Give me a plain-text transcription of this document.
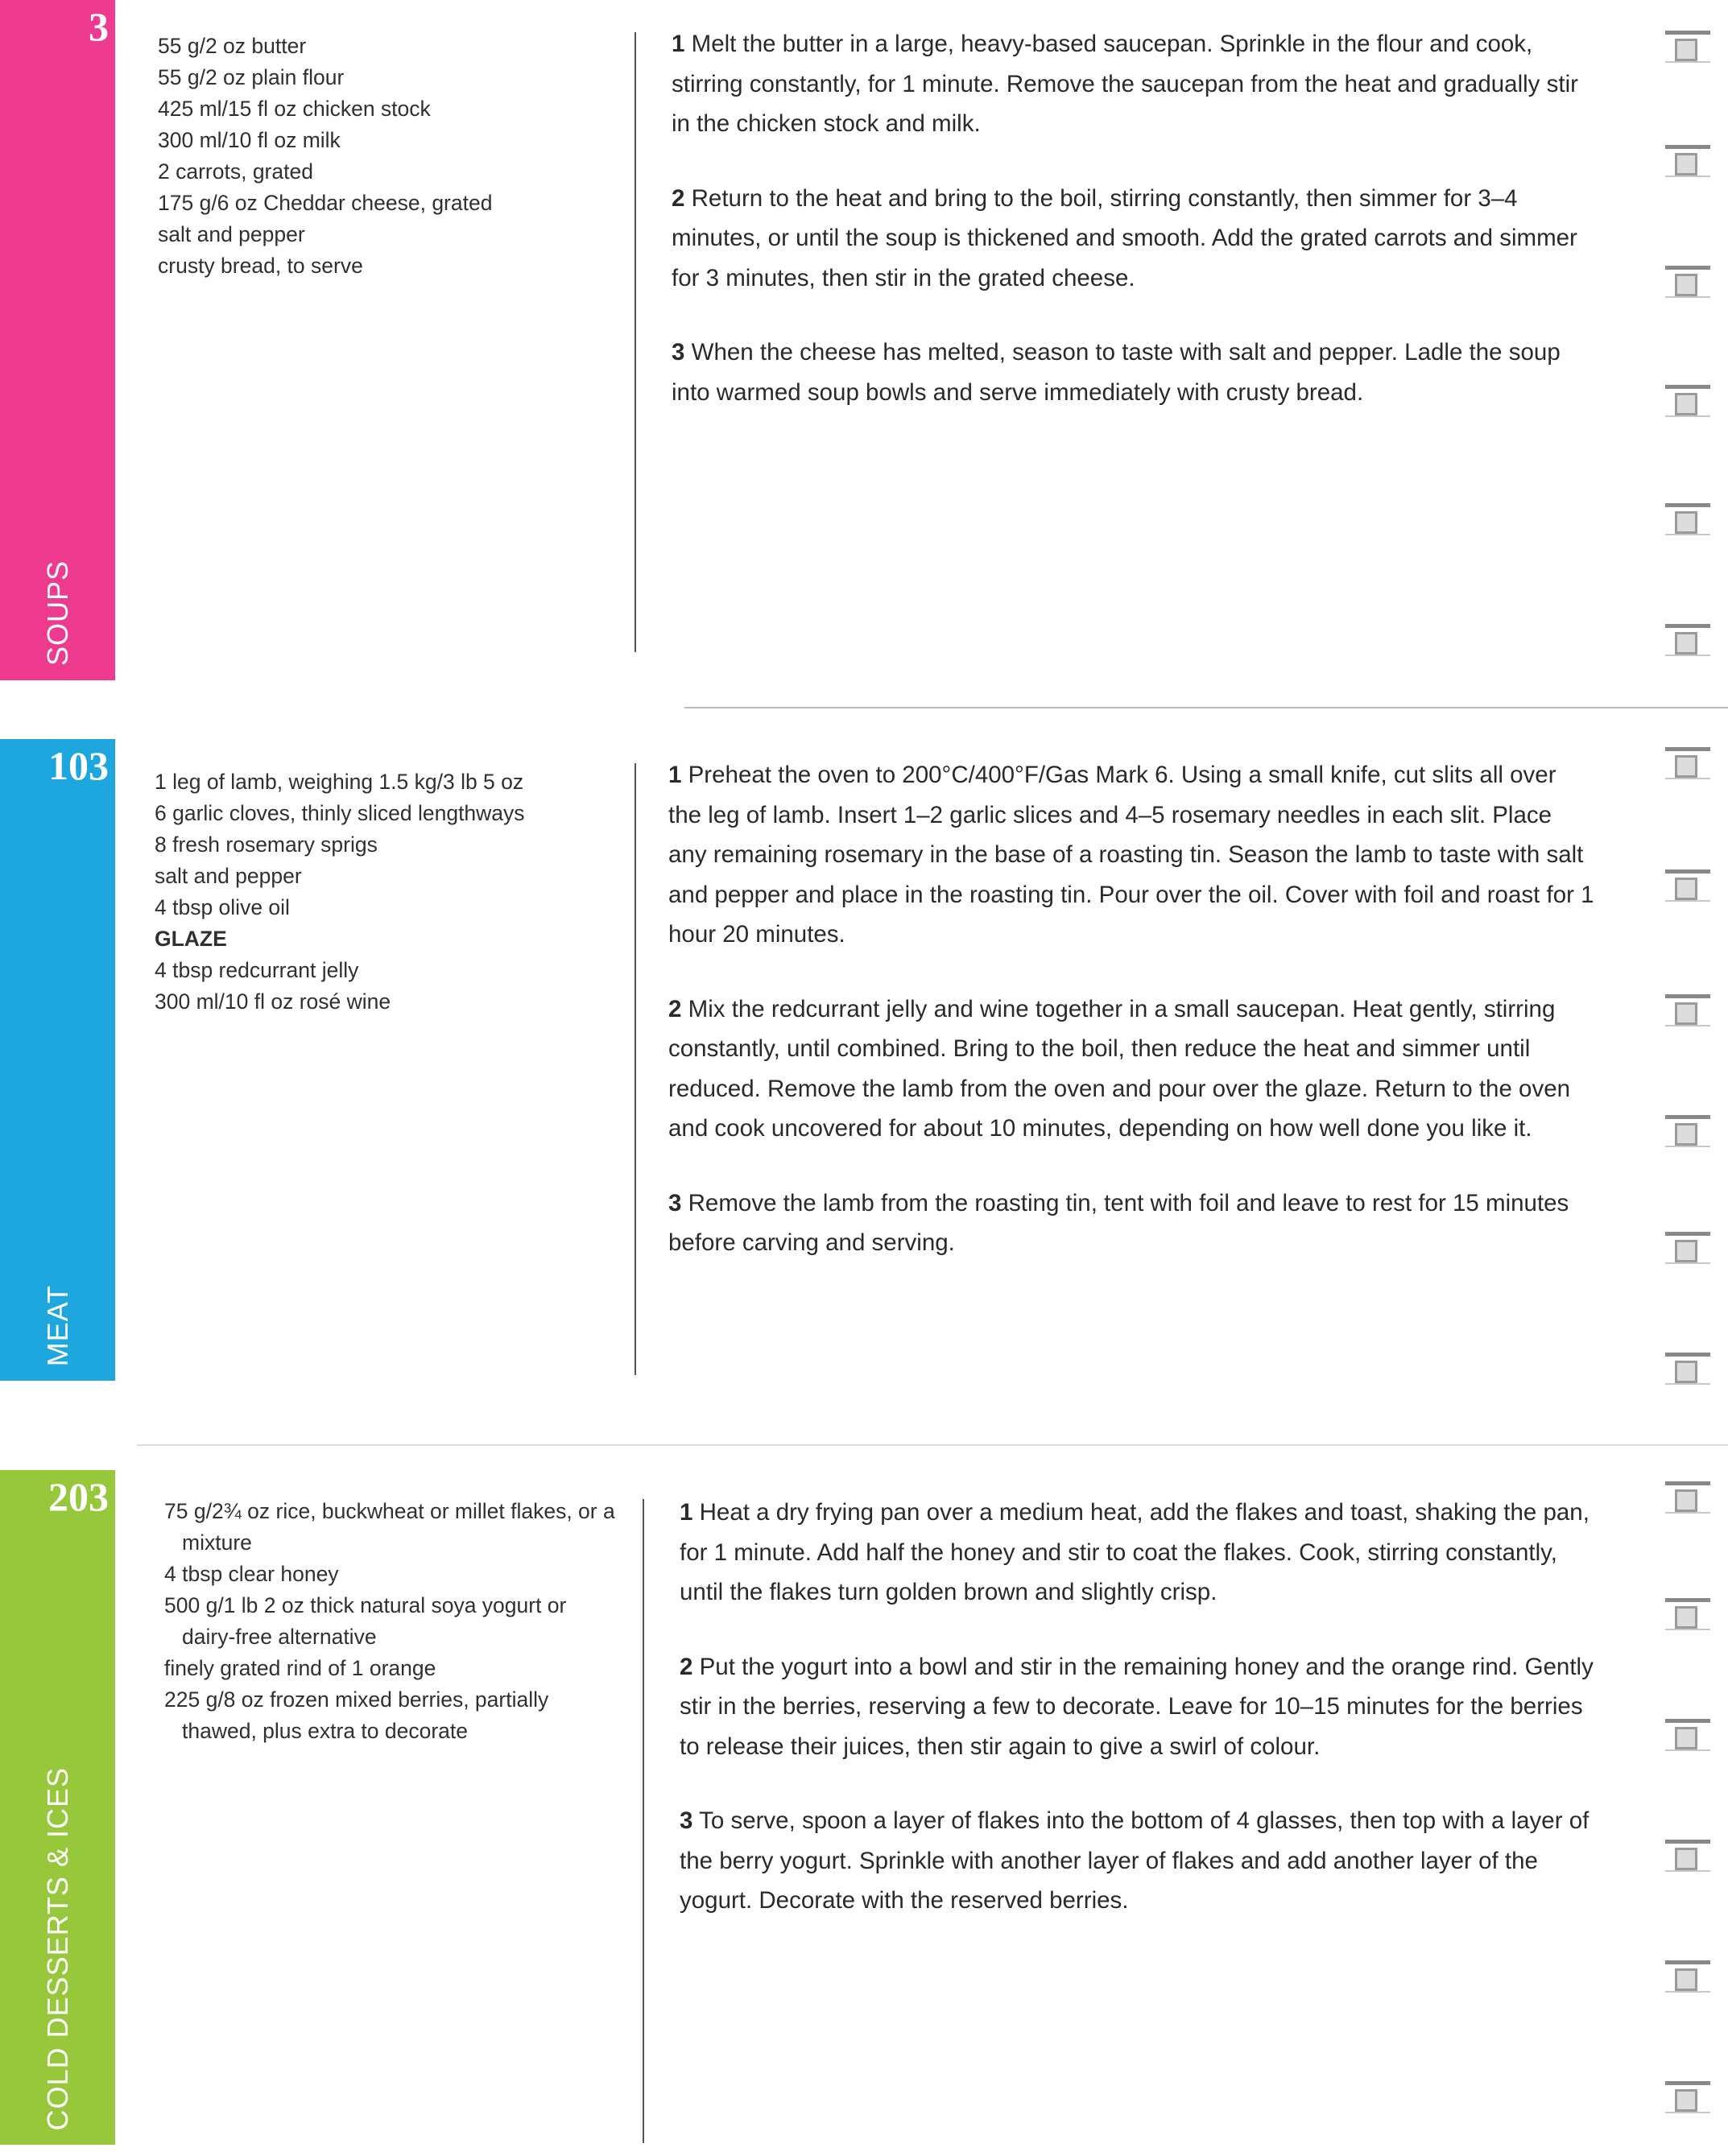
3
SOUPS
55 g/2 oz butter
55 g/2 oz plain flour
425 ml/15 fl oz chicken stock
300 ml/10 fl oz milk
2 carrots, grated
175 g/6 oz Cheddar cheese, grated
salt and pepper
crusty bread, to serve

1 Melt the butter in a large, heavy-based saucepan. Sprinkle in the flour and cook, stirring constantly, for 1 minute. Remove the saucepan from the heat and gradually stir in the chicken stock and milk.

2 Return to the heat and bring to the boil, stirring constantly, then simmer for 3–4 minutes, or until the soup is thickened and smooth. Add the grated carrots and simmer for 3 minutes, then stir in the grated cheese.

3 When the cheese has melted, season to taste with salt and pepper. Ladle the soup into warmed soup bowls and serve immediately with crusty bread.

103
MEAT
1 leg of lamb, weighing 1.5 kg/3 lb 5 oz
6 garlic cloves, thinly sliced lengthways
8 fresh rosemary sprigs
salt and pepper
4 tbsp olive oil
GLAZE
4 tbsp redcurrant jelly
300 ml/10 fl oz rosé wine

1 Preheat the oven to 200°C/400°F/Gas Mark 6. Using a small knife, cut slits all over the leg of lamb. Insert 1–2 garlic slices and 4–5 rosemary needles in each slit. Place any remaining rosemary in the base of a roasting tin. Season the lamb to taste with salt and pepper and place in the roasting tin. Pour over the oil. Cover with foil and roast for 1 hour 20 minutes.

2 Mix the redcurrant jelly and wine together in a small saucepan. Heat gently, stirring constantly, until combined. Bring to the boil, then reduce the heat and simmer until reduced. Remove the lamb from the oven and pour over the glaze. Return to the oven and cook uncovered for about 10 minutes, depending on how well done you like it.

3 Remove the lamb from the roasting tin, tent with foil and leave to rest for 15 minutes before carving and serving.

203
COLD DESSERTS & ICES
75 g/2¾ oz rice, buckwheat or millet flakes, or a mixture
4 tbsp clear honey
500 g/1 lb 2 oz thick natural soya yogurt or dairy-free alternative
finely grated rind of 1 orange
225 g/8 oz frozen mixed berries, partially thawed, plus extra to decorate

1 Heat a dry frying pan over a medium heat, add the flakes and toast, shaking the pan, for 1 minute. Add half the honey and stir to coat the flakes. Cook, stirring constantly, until the flakes turn golden brown and slightly crisp.

2 Put the yogurt into a bowl and stir in the remaining honey and the orange rind. Gently stir in the berries, reserving a few to decorate. Leave for 10–15 minutes for the berries to release their juices, then stir again to give a swirl of colour.

3 To serve, spoon a layer of flakes into the bottom of 4 glasses, then top with a layer of the berry yogurt. Sprinkle with another layer of flakes and add another layer of the yogurt. Decorate with the reserved berries.
